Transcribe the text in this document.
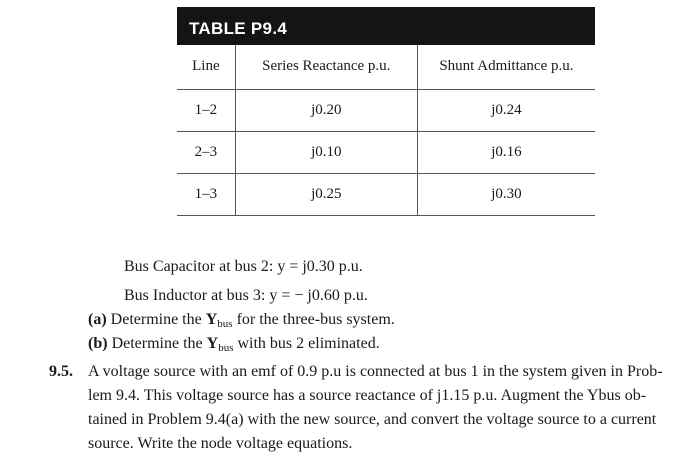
TABLE P9.4
Line	Series Reactance p.u.	Shunt Admittance p.u.
1–2	j0.20	j0.24
2–3	j0.10	j0.16
1–3	j0.25	j0.30
Bus Capacitor at bus 2: y = j0.30 p.u.
Bus Inductor at bus 3: y = − j0.60 p.u.
(a) Determine the $Y_{bus}$ for the three-bus system.
(b) Determine the $Y_{bus}$ with bus 2 eliminated.
9.5. A voltage source with an emf of 0.9 p.u is connected at bus 1 in the system given in Prob-
lem 9.4. This voltage source has a source reactance of j1.15 p.u. Augment the Ybus ob-
tained in Problem 9.4(a) with the new source, and convert the voltage source to a current
source. Write the node voltage equations.
